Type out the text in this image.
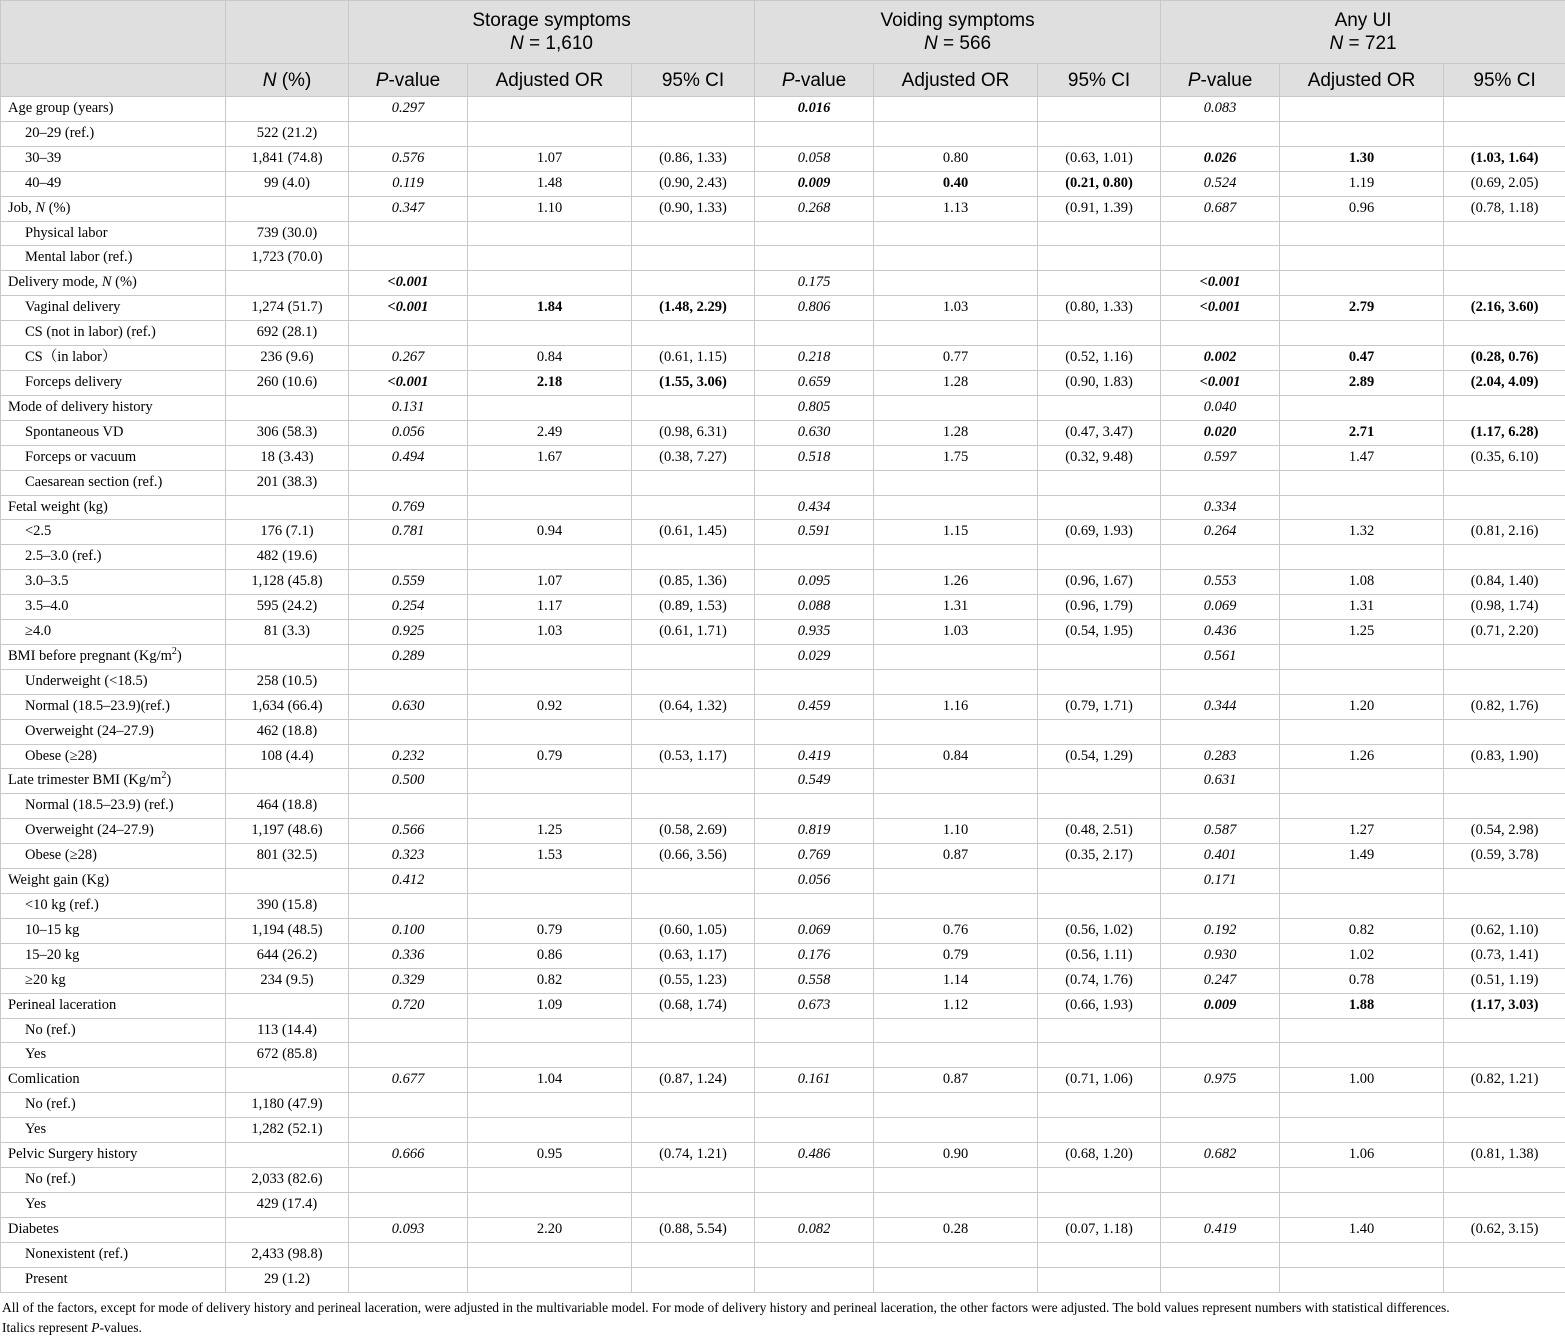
		Storage symptoms
N = 1,610			Voiding symptoms
N = 566			Any UI
N = 721		
	N (%)	P-value	Adjusted OR	95% CI	P-value	Adjusted OR	95% CI	P-value	Adjusted OR	95% CI
Age group (years)		0.297			0.016			0.083		
20–29 (ref.)	522 (21.2)									
30–39	1,841 (74.8)	0.576	1.07	(0.86, 1.33)	0.058	0.80	(0.63, 1.01)	0.026	1.30	(1.03, 1.64)
40–49	99 (4.0)	0.119	1.48	(0.90, 2.43)	0.009	0.40	(0.21, 0.80)	0.524	1.19	(0.69, 2.05)
Job, N (%)		0.347	1.10	(0.90, 1.33)	0.268	1.13	(0.91, 1.39)	0.687	0.96	(0.78, 1.18)
Physical labor	739 (30.0)									
Mental labor (ref.)	1,723 (70.0)									
Delivery mode, N (%)		<0.001			0.175			<0.001		
Vaginal delivery	1,274 (51.7)	<0.001	1.84	(1.48, 2.29)	0.806	1.03	(0.80, 1.33)	<0.001	2.79	(2.16, 3.60)
CS (not in labor) (ref.)	692 (28.1)									
CS（in labor）	236 (9.6)	0.267	0.84	(0.61, 1.15)	0.218	0.77	(0.52, 1.16)	0.002	0.47	(0.28, 0.76)
Forceps delivery	260 (10.6)	<0.001	2.18	(1.55, 3.06)	0.659	1.28	(0.90, 1.83)	<0.001	2.89	(2.04, 4.09)
Mode of delivery history		0.131			0.805			0.040		
Spontaneous VD	306 (58.3)	0.056	2.49	(0.98, 6.31)	0.630	1.28	(0.47, 3.47)	0.020	2.71	(1.17, 6.28)
Forceps or vacuum	18 (3.43)	0.494	1.67	(0.38, 7.27)	0.518	1.75	(0.32, 9.48)	0.597	1.47	(0.35, 6.10)
Caesarean section (ref.)	201 (38.3)									
Fetal weight (kg)		0.769			0.434			0.334		
<2.5	176 (7.1)	0.781	0.94	(0.61, 1.45)	0.591	1.15	(0.69, 1.93)	0.264	1.32	(0.81, 2.16)
2.5–3.0 (ref.)	482 (19.6)									
3.0–3.5	1,128 (45.8)	0.559	1.07	(0.85, 1.36)	0.095	1.26	(0.96, 1.67)	0.553	1.08	(0.84, 1.40)
3.5–4.0	595 (24.2)	0.254	1.17	(0.89, 1.53)	0.088	1.31	(0.96, 1.79)	0.069	1.31	(0.98, 1.74)
≥4.0	81 (3.3)	0.925	1.03	(0.61, 1.71)	0.935	1.03	(0.54, 1.95)	0.436	1.25	(0.71, 2.20)
BMI before pregnant $(Kg/m^2)$		0.289			0.029			0.561		
Underweight (<18.5)	258 (10.5)									
Normal (18.5–23.9)(ref.)	1,634 (66.4)	0.630	0.92	(0.64, 1.32)	0.459	1.16	(0.79, 1.71)	0.344	1.20	(0.82, 1.76)
Overweight (24–27.9)	462 (18.8)									
Obese (≥28)	108 (4.4)	0.232	0.79	(0.53, 1.17)	0.419	0.84	(0.54, 1.29)	0.283	1.26	(0.83, 1.90)
Late trimester BMI $(Kg/m^2)$		0.500			0.549			0.631		
Normal (18.5–23.9) (ref.)	464 (18.8)									
Overweight (24–27.9)	1,197 (48.6)	0.566	1.25	(0.58, 2.69)	0.819	1.10	(0.48, 2.51)	0.587	1.27	(0.54, 2.98)
Obese (≥28)	801 (32.5)	0.323	1.53	(0.66, 3.56)	0.769	0.87	(0.35, 2.17)	0.401	1.49	(0.59, 3.78)
Weight gain (Kg)		0.412			0.056			0.171		
<10 kg (ref.)	390 (15.8)									
10–15 kg	1,194 (48.5)	0.100	0.79	(0.60, 1.05)	0.069	0.76	(0.56, 1.02)	0.192	0.82	(0.62, 1.10)
15–20 kg	644 (26.2)	0.336	0.86	(0.63, 1.17)	0.176	0.79	(0.56, 1.11)	0.930	1.02	(0.73, 1.41)
≥20 kg	234 (9.5)	0.329	0.82	(0.55, 1.23)	0.558	1.14	(0.74, 1.76)	0.247	0.78	(0.51, 1.19)
Perineal laceration		0.720	1.09	(0.68, 1.74)	0.673	1.12	(0.66, 1.93)	0.009	1.88	(1.17, 3.03)
No (ref.)	113 (14.4)									
Yes	672 (85.8)									
Comlication		0.677	1.04	(0.87, 1.24)	0.161	0.87	(0.71, 1.06)	0.975	1.00	(0.82, 1.21)
No (ref.)	1,180 (47.9)									
Yes	1,282 (52.1)									
Pelvic Surgery history		0.666	0.95	(0.74, 1.21)	0.486	0.90	(0.68, 1.20)	0.682	1.06	(0.81, 1.38)
No (ref.)	2,033 (82.6)									
Yes	429 (17.4)									
Diabetes		0.093	2.20	(0.88, 5.54)	0.082	0.28	(0.07, 1.18)	0.419	1.40	(0.62, 3.15)
Nonexistent (ref.)	2,433 (98.8)									
Present	29 (1.2)									
All of the factors, except for mode of delivery history and perineal laceration, were adjusted in the multivariable model. For mode of delivery history and perineal laceration, the other factors were adjusted. The bold values represent numbers with statistical differences.
Italics represent P-values.
